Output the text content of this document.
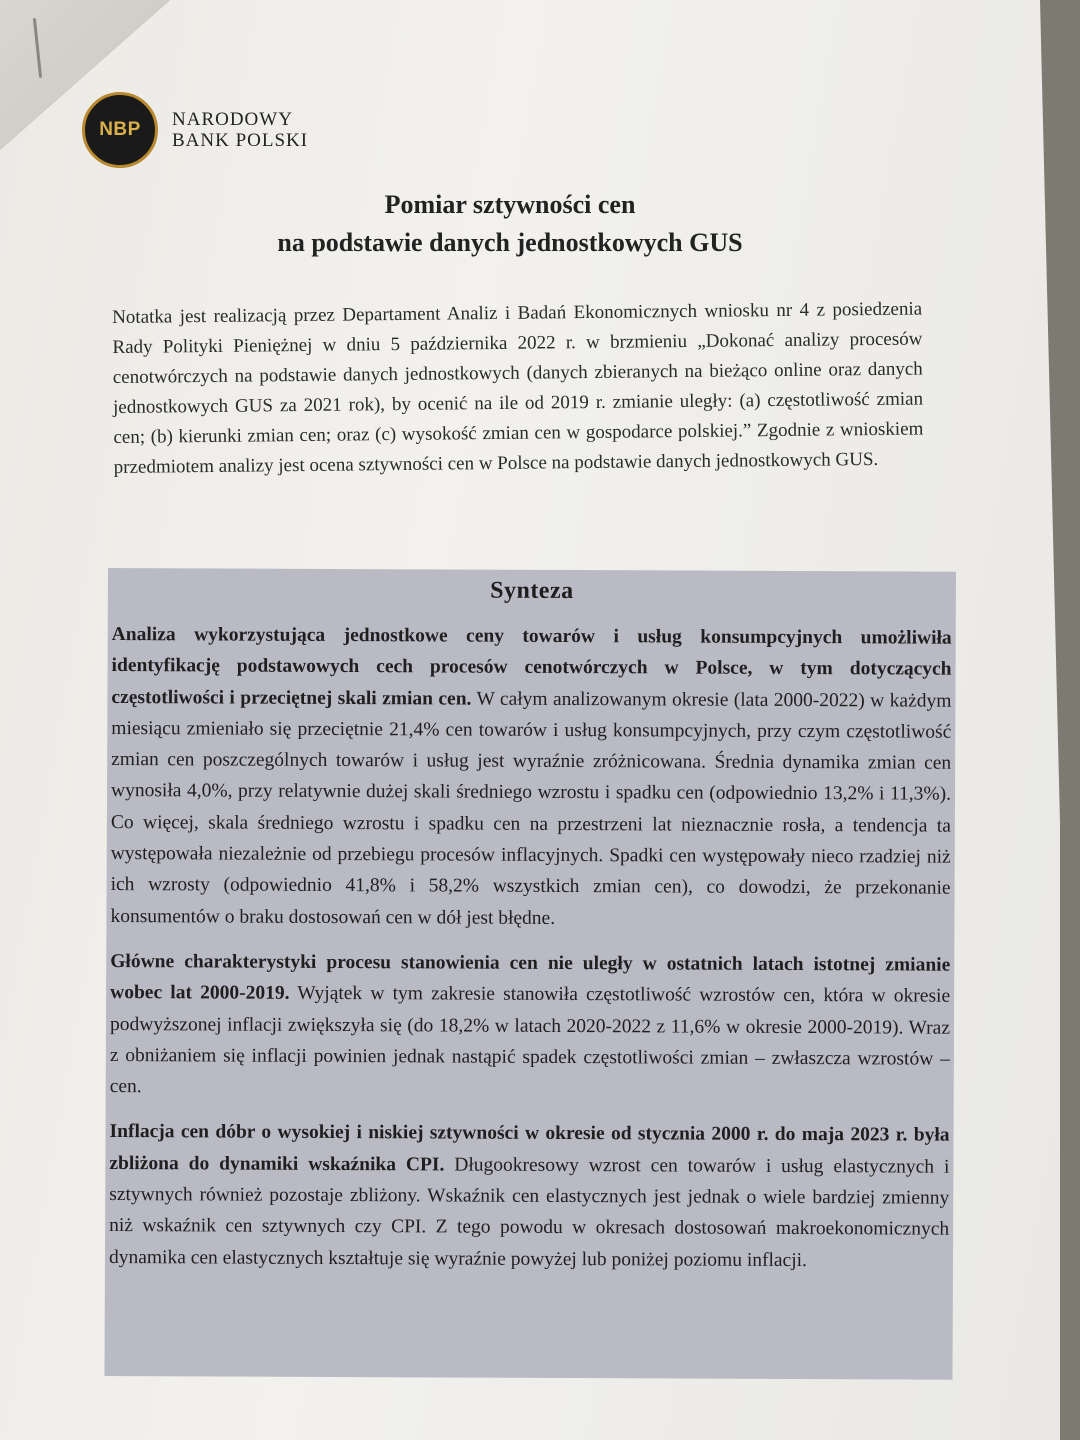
NBP NARODOWY
BANK POLSKI
Pomiar sztywności cen
na podstawie danych jednostkowych GUS
Notatka jest realizacją przez Departament Analiz i Badań Ekonomicznych wniosku nr 4 z posiedzenia Rady Polityki Pieniężnej w dniu 5 października 2022 r. w brzmieniu „Dokonać analizy procesów cenotwórczych na podstawie danych jednostkowych (danych zbieranych na bieżąco online oraz danych jednostkowych GUS za 2021 rok), by ocenić na ile od 2019 r. zmianie uległy: (a) częstotliwość zmian cen; (b) kierunki zmian cen; oraz (c) wysokość zmian cen w gospodarce polskiej.” Zgodnie z wnioskiem przedmiotem analizy jest ocena sztywności cen w Polsce na podstawie danych jednostkowych GUS.
Synteza

Analiza wykorzystująca jednostkowe ceny towarów i usług konsumpcyjnych umożliwiła identyfikację podstawowych cech procesów cenotwórczych w Polsce, w tym dotyczących częstotliwości i przeciętnej skali zmian cen. W całym analizowanym okresie (lata 2000-2022) w każdym miesiącu zmieniało się przeciętnie 21,4% cen towarów i usług konsumpcyjnych, przy czym częstotliwość zmian cen poszczególnych towarów i usług jest wyraźnie zróżnicowana. Średnia dynamika zmian cen wynosiła 4,0%, przy relatywnie dużej skali średniego wzrostu i spadku cen (odpowiednio 13,2% i 11,3%). Co więcej, skala średniego wzrostu i spadku cen na przestrzeni lat nieznacznie rosła, a tendencja ta występowała niezależnie od przebiegu procesów inflacyjnych. Spadki cen występowały nieco rzadziej niż ich wzrosty (odpowiednio 41,8% i 58,2% wszystkich zmian cen), co dowodzi, że przekonanie konsumentów o braku dostosowań cen w dół jest błędne.

Główne charakterystyki procesu stanowienia cen nie uległy w ostatnich latach istotnej zmianie wobec lat 2000-2019. Wyjątek w tym zakresie stanowiła częstotliwość wzrostów cen, która w okresie podwyższonej inflacji zwiększyła się (do 18,2% w latach 2020-2022 z 11,6% w okresie 2000-2019). Wraz z obniżaniem się inflacji powinien jednak nastąpić spadek częstotliwości zmian – zwłaszcza wzrostów – cen.

Inflacja cen dóbr o wysokiej i niskiej sztywności w okresie od stycznia 2000 r. do maja 2023 r. była zbliżona do dynamiki wskaźnika CPI. Długookresowy wzrost cen towarów i usług elastycznych i sztywnych również pozostaje zbliżony. Wskaźnik cen elastycznych jest jednak o wiele bardziej zmienny niż wskaźnik cen sztywnych czy CPI. Z tego powodu w okresach dostosowań makroekonomicznych dynamika cen elastycznych kształtuje się wyraźnie powyżej lub poniżej poziomu inflacji.
